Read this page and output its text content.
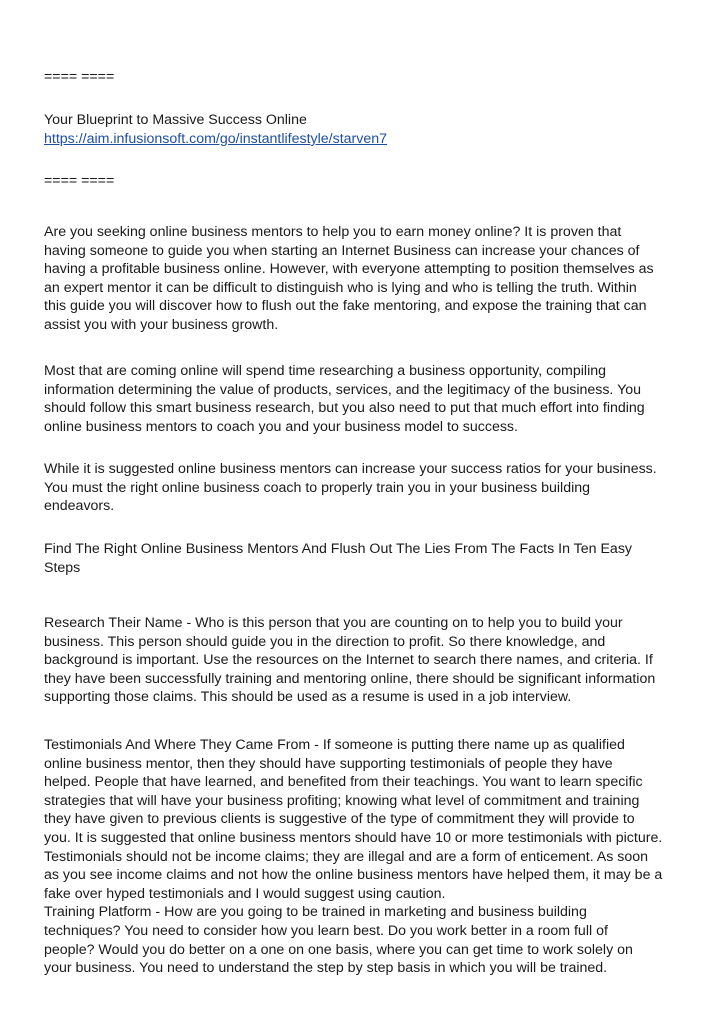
==== ====
Your Blueprint to Massive Success Online
https://aim.infusionsoft.com/go/instantlifestyle/starven7
==== ====

Are you seeking online business mentors to help you to earn money online? It is proven that
having someone to guide you when starting an Internet Business can increase your chances of
having a profitable business online. However, with everyone attempting to position themselves as
an expert mentor it can be difficult to distinguish who is lying and who is telling the truth. Within
this guide you will discover how to flush out the fake mentoring, and expose the training that can
assist you with your business growth.

Most that are coming online will spend time researching a business opportunity, compiling
information determining the value of products, services, and the legitimacy of the business. You
should follow this smart business research, but you also need to put that much effort into finding
online business mentors to coach you and your business model to success.

While it is suggested online business mentors can increase your success ratios for your business.
You must the right online business coach to properly train you in your business building
endeavors.

Find The Right Online Business Mentors And Flush Out The Lies From The Facts In Ten Easy
Steps

Research Their Name - Who is this person that you are counting on to help you to build your
business. This person should guide you in the direction to profit. So there knowledge, and
background is important. Use the resources on the Internet to search there names, and criteria. If
they have been successfully training and mentoring online, there should be significant information
supporting those claims. This should be used as a resume is used in a job interview.

Testimonials And Where They Came From - If someone is putting there name up as qualified
online business mentor, then they should have supporting testimonials of people they have
helped. People that have learned, and benefited from their teachings. You want to learn specific
strategies that will have your business profiting; knowing what level of commitment and training
they have given to previous clients is suggestive of the type of commitment they will provide to
you. It is suggested that online business mentors should have 10 or more testimonials with picture.
Testimonials should not be income claims; they are illegal and are a form of enticement. As soon
as you see income claims and not how the online business mentors have helped them, it may be a
fake over hyped testimonials and I would suggest using caution.
Training Platform - How are you going to be trained in marketing and business building
techniques? You need to consider how you learn best. Do you work better in a room full of
people? Would you do better on a one on one basis, where you can get time to work solely on
your business. You need to understand the step by step basis in which you will be trained.
